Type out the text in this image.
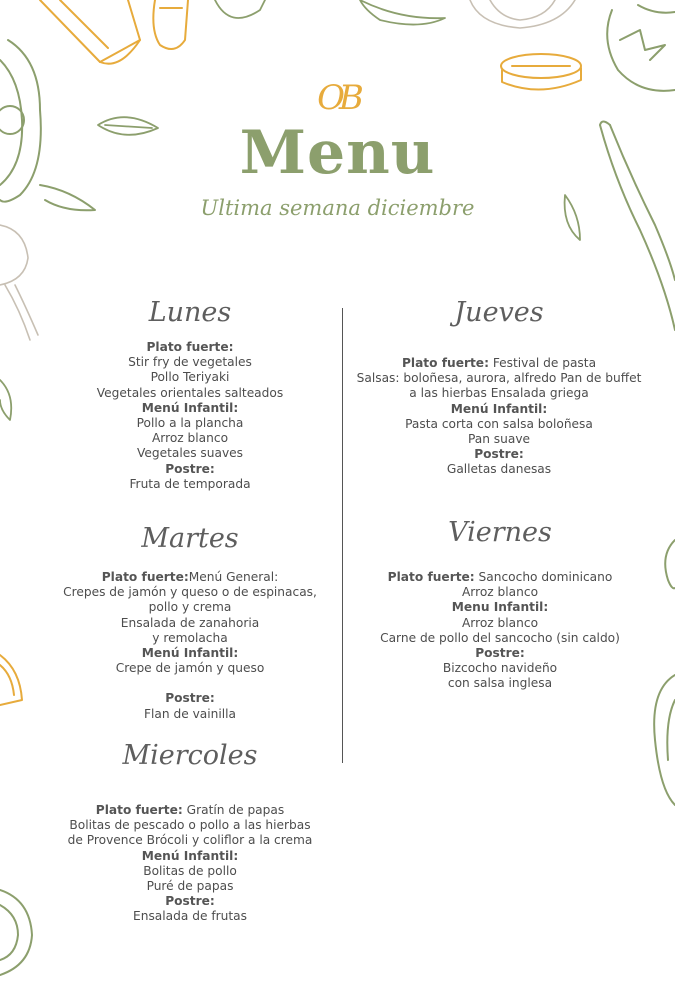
OB
Menu
Ultima semana diciembre
Lunes
Plato fuerte:
Stir fry de vegetales
Pollo Teriyaki
Vegetales orientales salteados
Menú Infantil:
Pollo a la plancha
Arroz blanco
Vegetales suaves
Postre:
Fruta de temporada
Jueves
Plato fuerte: Festival de pasta
Salsas: boloñesa, aurora, alfredo Pan de buffet
a las hierbas Ensalada griega
Menú Infantil:
Pasta corta con salsa boloñesa
Pan suave
Postre:
Galletas danesas
Martes
Plato fuerte:Menú General:
Crepes de jamón y queso o de espinacas,
pollo y crema
Ensalada de zanahoria
y remolacha
Menú Infantil:
Crepe de jamón y queso
Postre:
Flan de vainilla
Viernes
Plato fuerte: Sancocho dominicano
Arroz blanco
Menu Infantil:
Arroz blanco
Carne de pollo del sancocho (sin caldo)
Postre:
Bizcocho navideño
con salsa inglesa
Miercoles
Plato fuerte: Gratín de papas
Bolitas de pescado o pollo a las hierbas
de Provence Brócoli y coliflor a la crema
Menú Infantil:
Bolitas de pollo
Puré de papas
Postre:
Ensalada de frutas
